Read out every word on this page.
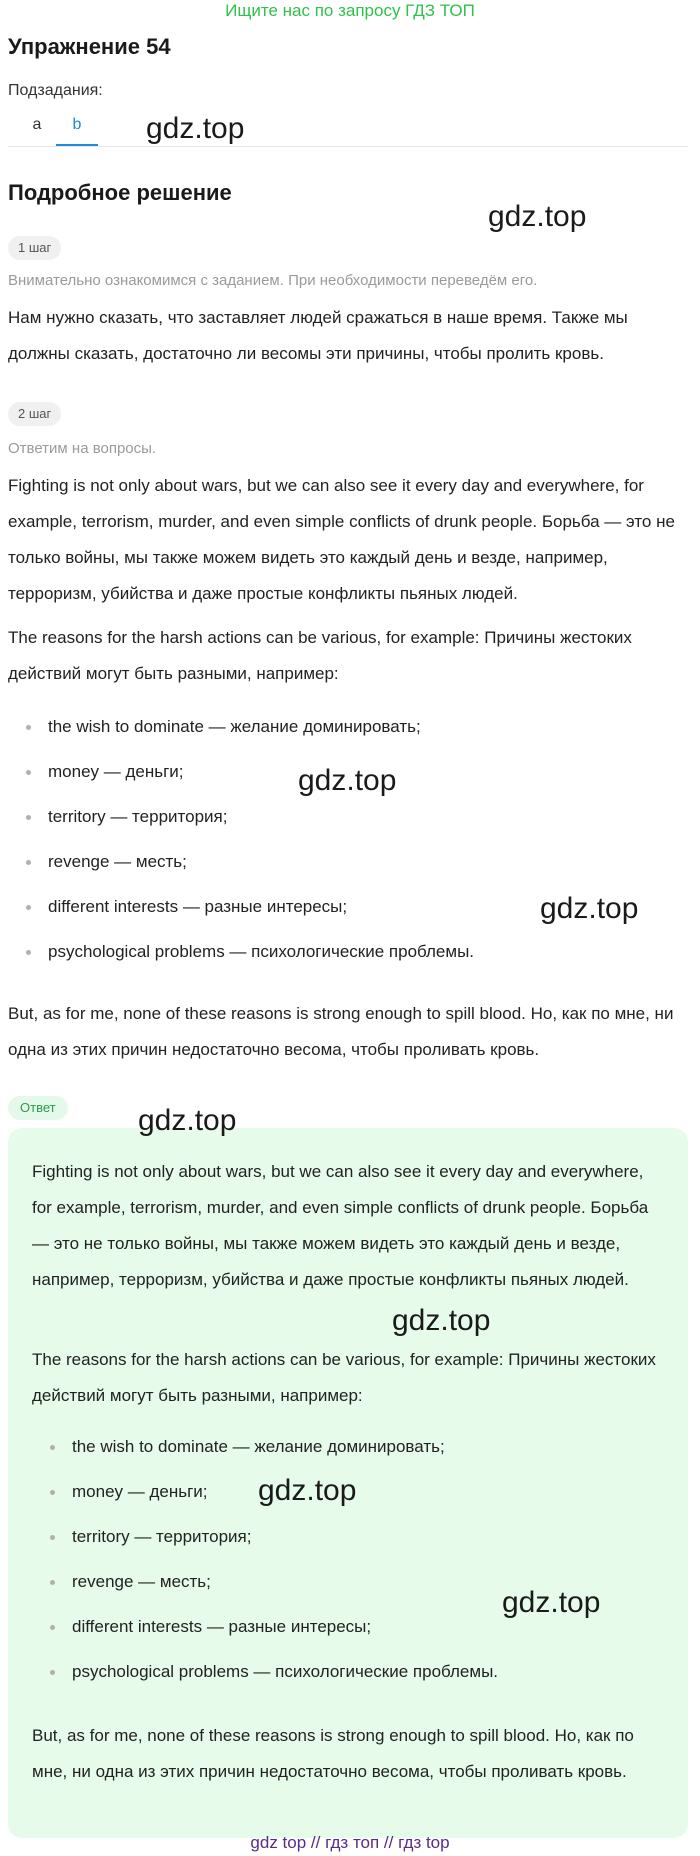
Ищите нас по запросу ГДЗ ТОП
Упражнение 54
Подзадания:
a	b
Подробное решение
1 шаг
Внимательно ознакомимся с заданием. При необходимости переведём его.
Нам нужно сказать, что заставляет людей сражаться в наше время. Также мы должны сказать, достаточно ли весомы эти причины, чтобы пролить кровь.
2 шаг
Ответим на вопросы.
Fighting is not only about wars, but we can also see it every day and everywhere, for example, terrorism, murder, and even simple conflicts of drunk people. Борьба — это не только войны, мы также можем видеть это каждый день и везде, например, терроризм, убийства и даже простые конфликты пьяных людей.
The reasons for the harsh actions can be various, for example: Причины жестоких действий могут быть разными, например:
the wish to dominate — желание доминировать;
money — деньги;
territory — территория;
revenge — месть;
different interests — разные интересы;
psychological problems — психологические проблемы.
But, as for me, none of these reasons is strong enough to spill blood. Но, как по мне, ни одна из этих причин недостаточно весома, чтобы проливать кровь.
Ответ
Fighting is not only about wars, but we can also see it every day and everywhere, for example, terrorism, murder, and even simple conflicts of drunk people. Борьба — это не только войны, мы также можем видеть это каждый день и везде, например, терроризм, убийства и даже простые конфликты пьяных людей.
The reasons for the harsh actions can be various, for example: Причины жестоких действий могут быть разными, например:
the wish to dominate — желание доминировать;
money — деньги;
territory — территория;
revenge — месть;
different interests — разные интересы;
psychological problems — психологические проблемы.
But, as for me, none of these reasons is strong enough to spill blood. Но, как по мне, ни одна из этих причин недостаточно весома, чтобы проливать кровь.
gdz.top
gdz.top
gdz.top
gdz.top
gdz.top
gdz.top
gdz.top
gdz.top
gdz top // гдз топ // гдз top
